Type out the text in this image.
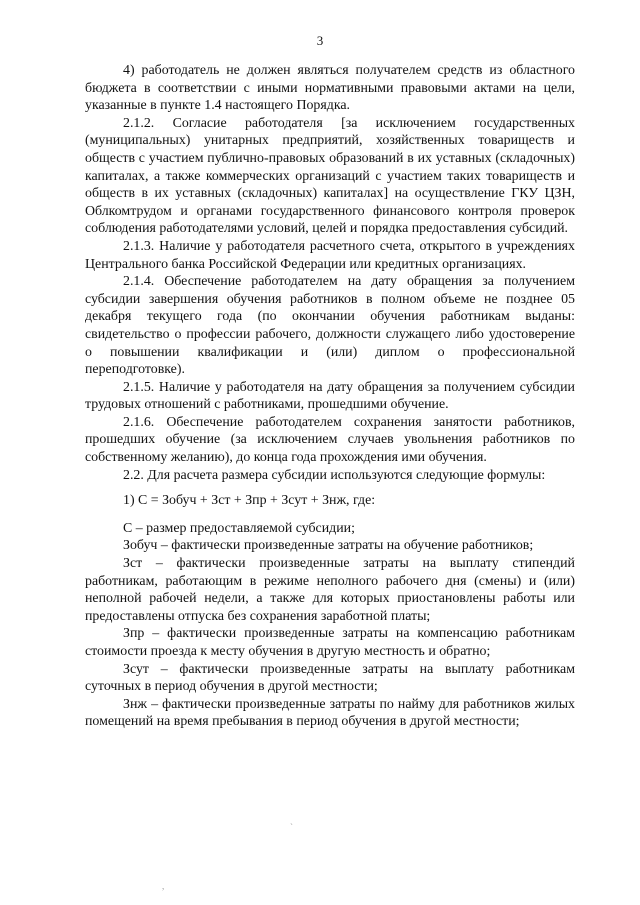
3

4) работодатель не должен являться получателем средств из областного бюджета в соответствии с иными нормативными правовыми актами на цели, указанные в пункте 1.4 настоящего Порядка.

2.1.2. Согласие работодателя [за исключением государственных (муниципальных) унитарных предприятий, хозяйственных товариществ и обществ с участием публично-правовых образований в их уставных (складочных) капиталах, а также коммерческих организаций с участием таких товариществ и обществ в их уставных (складочных) капиталах] на осуществление ГКУ ЦЗН, Облкомтрудом и органами государственного финансового контроля проверок соблюдения работодателями условий, целей и порядка предоставления субсидий.

2.1.3. Наличие у работодателя расчетного счета, открытого в учреждениях Центрального банка Российской Федерации или кредитных организациях.

2.1.4. Обеспечение работодателем на дату обращения за получением субсидии завершения обучения работников в полном объеме не позднее 05 декабря текущего года (по окончании обучения работникам выданы: свидетельство о профессии рабочего, должности служащего либо удостоверение о повышении квалификации и (или) диплом о профессиональной переподготовке).

2.1.5. Наличие у работодателя на дату обращения за получением субсидии трудовых отношений с работниками, прошедшими обучение.

2.1.6. Обеспечение работодателем сохранения занятости работников, прошедших обучение (за исключением случаев увольнения работников по собственному желанию), до конца года прохождения ими обучения.

2.2. Для расчета размера субсидии используются следующие формулы:

1) С = Зобуч + Зст + Зпр + Зсут + Знж, где:

С – размер предоставляемой субсидии;

Зобуч – фактически произведенные затраты на обучение работников;

Зст – фактически произведенные затраты на выплату стипендий работникам, работающим в режиме неполного рабочего дня (смены) и (или) неполной рабочей недели, а также для которых приостановлены работы или предоставлены отпуска без сохранения заработной платы;

Зпр – фактически произведенные затраты на компенсацию работникам стоимости проезда к месту обучения в другую местность и обратно;

Зсут – фактически произведенные затраты на выплату работникам суточных в период обучения в другой местности;

Знж – фактически произведенные затраты по найму для работников жилых помещений на время пребывания в период обучения в другой местности;

`
,
